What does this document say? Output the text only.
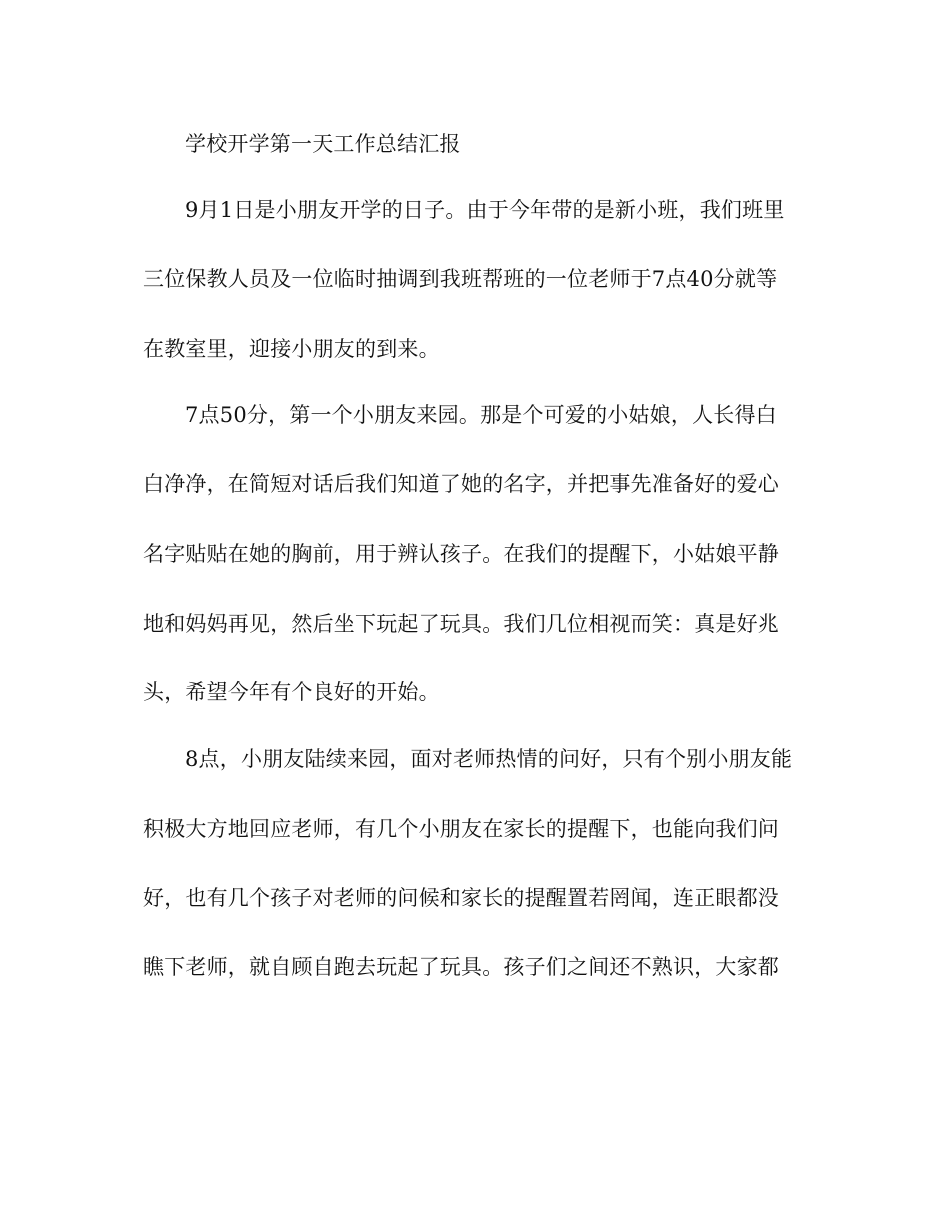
学校开学第一天工作总结汇报
9月1日是小朋友开学的日子。由于今年带的是新小班，我们班里
三位保教人员及一位临时抽调到我班帮班的一位老师于7点40分就等
在教室里，迎接小朋友的到来。
7点50分，第一个小朋友来园。那是个可爱的小姑娘，人长得白
白净净，在简短对话后我们知道了她的名字，并把事先准备好的爱心
名字贴贴在她的胸前，用于辨认孩子。在我们的提醒下，小姑娘平静
地和妈妈再见，然后坐下玩起了玩具。我们几位相视而笑：真是好兆
头，希望今年有个良好的开始。
8点，小朋友陆续来园，面对老师热情的问好，只有个别小朋友能
积极大方地回应老师，有几个小朋友在家长的提醒下，也能向我们问
好，也有几个孩子对老师的问候和家长的提醒置若罔闻，连正眼都没
瞧下老师，就自顾自跑去玩起了玩具。孩子们之间还不熟识，大家都
